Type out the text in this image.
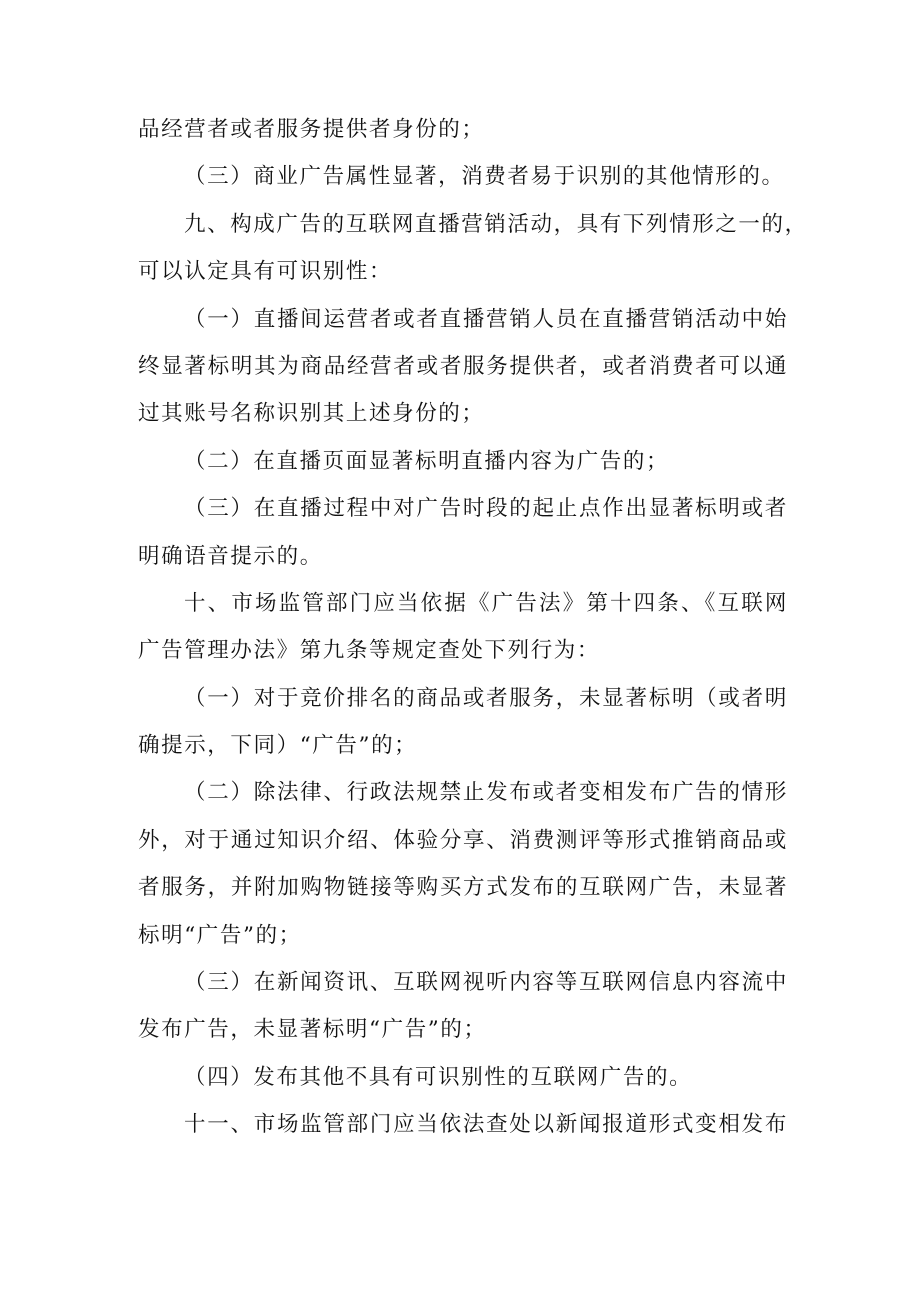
品经营者或者服务提供者身份的；
（三）商业广告属性显著，消费者易于识别的其他情形的。
九、构成广告的互联网直播营销活动，具有下列情形之一的，
可以认定具有可识别性：
（一）直播间运营者或者直播营销人员在直播营销活动中始
终显著标明其为商品经营者或者服务提供者，或者消费者可以通
过其账号名称识别其上述身份的；
（二）在直播页面显著标明直播内容为广告的；
（三）在直播过程中对广告时段的起止点作出显著标明或者
明确语音提示的。
十、市场监管部门应当依据《广告法》第十四条、《互联网
广告管理办法》第九条等规定查处下列行为：
（一）对于竞价排名的商品或者服务，未显著标明（或者明
确提示，下同）“广告”的；
（二）除法律、行政法规禁止发布或者变相发布广告的情形
外，对于通过知识介绍、体验分享、消费测评等形式推销商品或
者服务，并附加购物链接等购买方式发布的互联网广告，未显著
标明“广告”的；
（三）在新闻资讯、互联网视听内容等互联网信息内容流中
发布广告，未显著标明“广告”的；
（四）发布其他不具有可识别性的互联网广告的。
十一、市场监管部门应当依法查处以新闻报道形式变相发布
